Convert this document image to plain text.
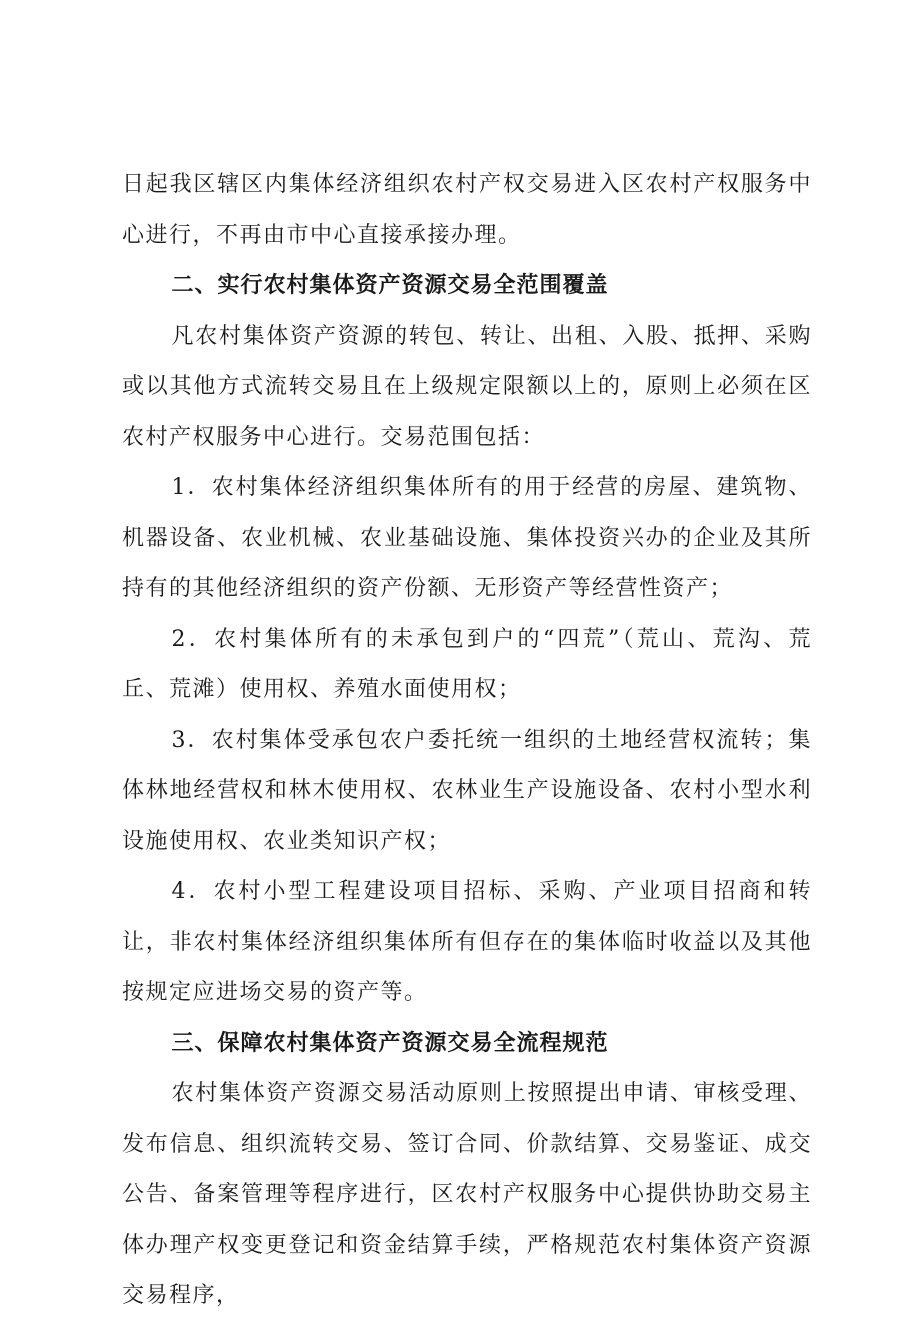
日起我区辖区内集体经济组织农村产权交易进入区农村产权服务中心进行，不再由市中心直接承接办理。

二、实行农村集体资产资源交易全范围覆盖

凡农村集体资产资源的转包、转让、出租、入股、抵押、采购或以其他方式流转交易且在上级规定限额以上的，原则上必须在区农村产权服务中心进行。交易范围包括：

1．农村集体经济组织集体所有的用于经营的房屋、建筑物、机器设备、农业机械、农业基础设施、集体投资兴办的企业及其所持有的其他经济组织的资产份额、无形资产等经营性资产；

2．农村集体所有的未承包到户的“四荒”（荒山、荒沟、荒丘、荒滩）使用权、养殖水面使用权；

3．农村集体受承包农户委托统一组织的土地经营权流转；集体林地经营权和林木使用权、农林业生产设施设备、农村小型水利设施使用权、农业类知识产权；

4．农村小型工程建设项目招标、采购、产业项目招商和转让，非农村集体经济组织集体所有但存在的集体临时收益以及其他按规定应进场交易的资产等。

三、保障农村集体资产资源交易全流程规范

农村集体资产资源交易活动原则上按照提出申请、审核受理、发布信息、组织流转交易、签订合同、价款结算、交易鉴证、成交公告、备案管理等程序进行，区农村产权服务中心提供协助交易主体办理产权变更登记和资金结算手续，严格规范农村集体资产资源交易程序，
